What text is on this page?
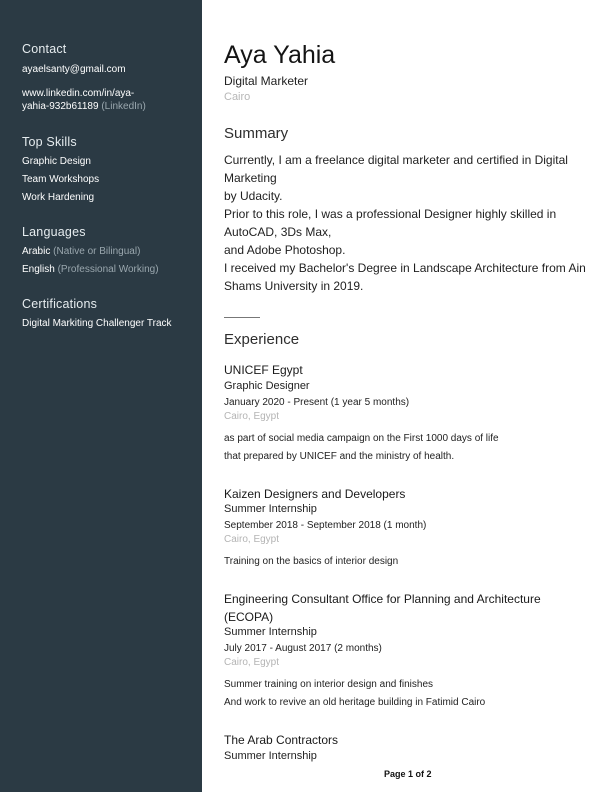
Contact
ayaelsanty@gmail.com
www.linkedin.com/in/aya-
yahia-932b61189 (LinkedIn)
Top Skills
Graphic Design
Team Workshops
Work Hardening
Languages
Arabic (Native or Bilingual)
English (Professional Working)
Certifications
Digital Markiting Challenger Track
Aya Yahia
Digital Marketer
Cairo
Summary
Currently, I am a freelance digital marketer and certified in Digital
Marketing
by Udacity.
Prior to this role, I was a professional Designer highly skilled in
AutoCAD, 3Ds Max,
and Adobe Photoshop.
I received my Bachelor's Degree in Landscape Architecture from Ain
Shams University in 2019.
Experience
UNICEF Egypt
Graphic Designer
January 2020 - Present (1 year 5 months)
Cairo, Egypt
as part of social media campaign on the First 1000 days of life
that prepared by UNICEF and the ministry of health.
Kaizen Designers and Developers
Summer Internship
September 2018 - September 2018 (1 month)
Cairo, Egypt
Training on the basics of interior design
Engineering Consultant Office for Planning and Architecture
(ECOPA)
Summer Internship
July 2017 - August 2017 (2 months)
Cairo, Egypt
Summer training on interior design and finishes
And work to revive an old heritage building in Fatimid Cairo
The Arab Contractors
Summer Internship
Page 1 of 2
